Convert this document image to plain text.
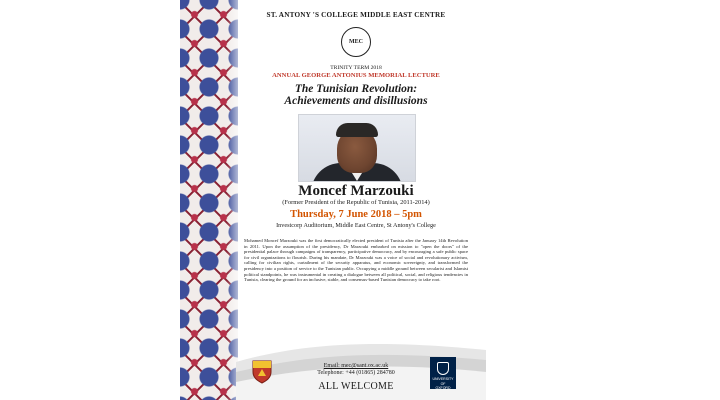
ST. ANTONY 'S COLLEGE MIDDLE EAST CENTRE
MEC
TRINITY TERM 2018
ANNUAL GEORGE ANTONIUS MEMORIAL LECTURE
The Tunisian Revolution:
Achievements and disillusions
Moncef Marzouki
(Former President of the Republic of Tunisia, 2011-2014)
Thursday, 7 June 2018 – 5pm
Investcorp Auditorium, Middle East Centre, St Antony's College
Mohamed Moncef Marzouki was the first democratically elected president of Tunisia after the January 14th Revolution in 2011. Upon the assumption of the presidency, Dr Marzouki embarked on mission to "open the doors" of the presidential palace through campaigns of transparency, participative democracy, and by encouraging a safe public space for civil organizations to flourish. During his mandate, Dr Marzouki was a voice of social and revolutionary activism, calling for civilian rights, curtailment of the security apparatus, and economic sovereignty, and transformed the presidency into a position of service to the Tunisian public. Occupying a middle ground between secularist and Islamist political standpoints, he was instrumental in creating a dialogue between all political, social, and religious tendencies in Tunisia, clearing the ground for an inclusive, stable, and consensus-based Tunisian democracy to take root.
Email: mec@sant.ox.ac.uk
Telephone: +44 (01865) 284780
ALL WELCOME
UNIVERSITY OF
OXFORD
